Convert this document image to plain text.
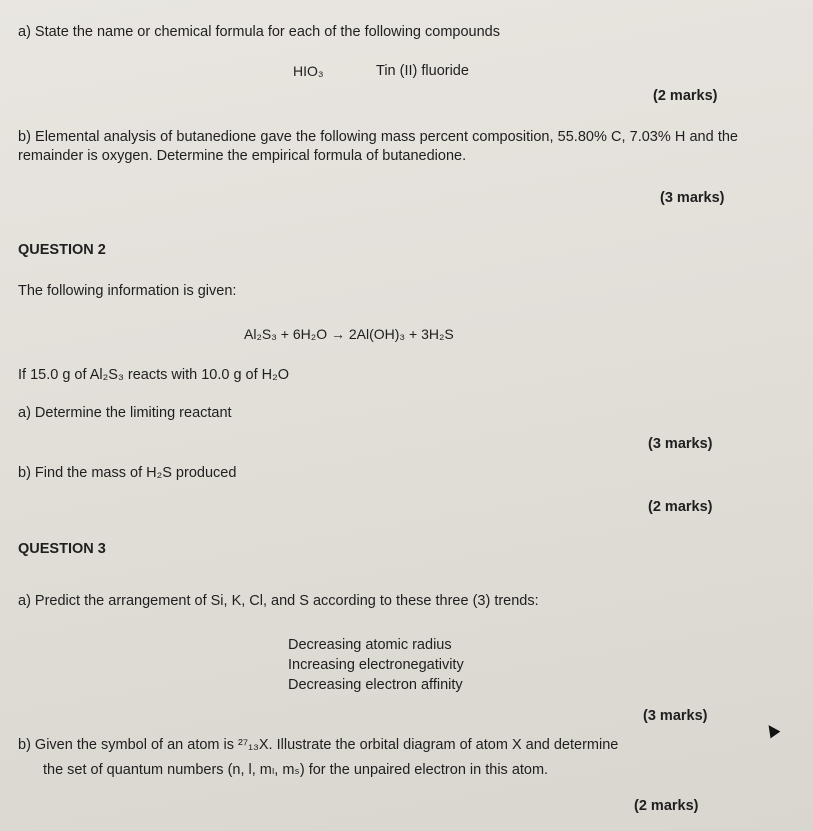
a) State the name or chemical formula for each of the following compounds
HIO₃	Tin (II) fluoride
(2 marks)
b) Elemental analysis of butanedione gave the following mass percent composition, 55.80% C, 7.03% H and the remainder is oxygen. Determine the empirical formula of butanedione.
(3 marks)
QUESTION 2
The following information is given:
Al₂S₃ + 6H₂O → 2Al(OH)₃ + 3H₂S
If 15.0 g of Al₂S₃ reacts with 10.0 g of H₂O
a) Determine the limiting reactant
(3 marks)
b) Find the mass of H₂S produced
(2 marks)
QUESTION 3
a) Predict the arrangement of Si, K, Cl, and S according to these three (3) trends:
Decreasing atomic radius
Increasing electronegativity
Decreasing electron affinity
(3 marks)
b) Given the symbol of an atom is ²⁷₁₃X. Illustrate the orbital diagram of atom X and determine
the set of quantum numbers (n, l, mₗ, mₛ) for the unpaired electron in this atom.
(2 marks)
